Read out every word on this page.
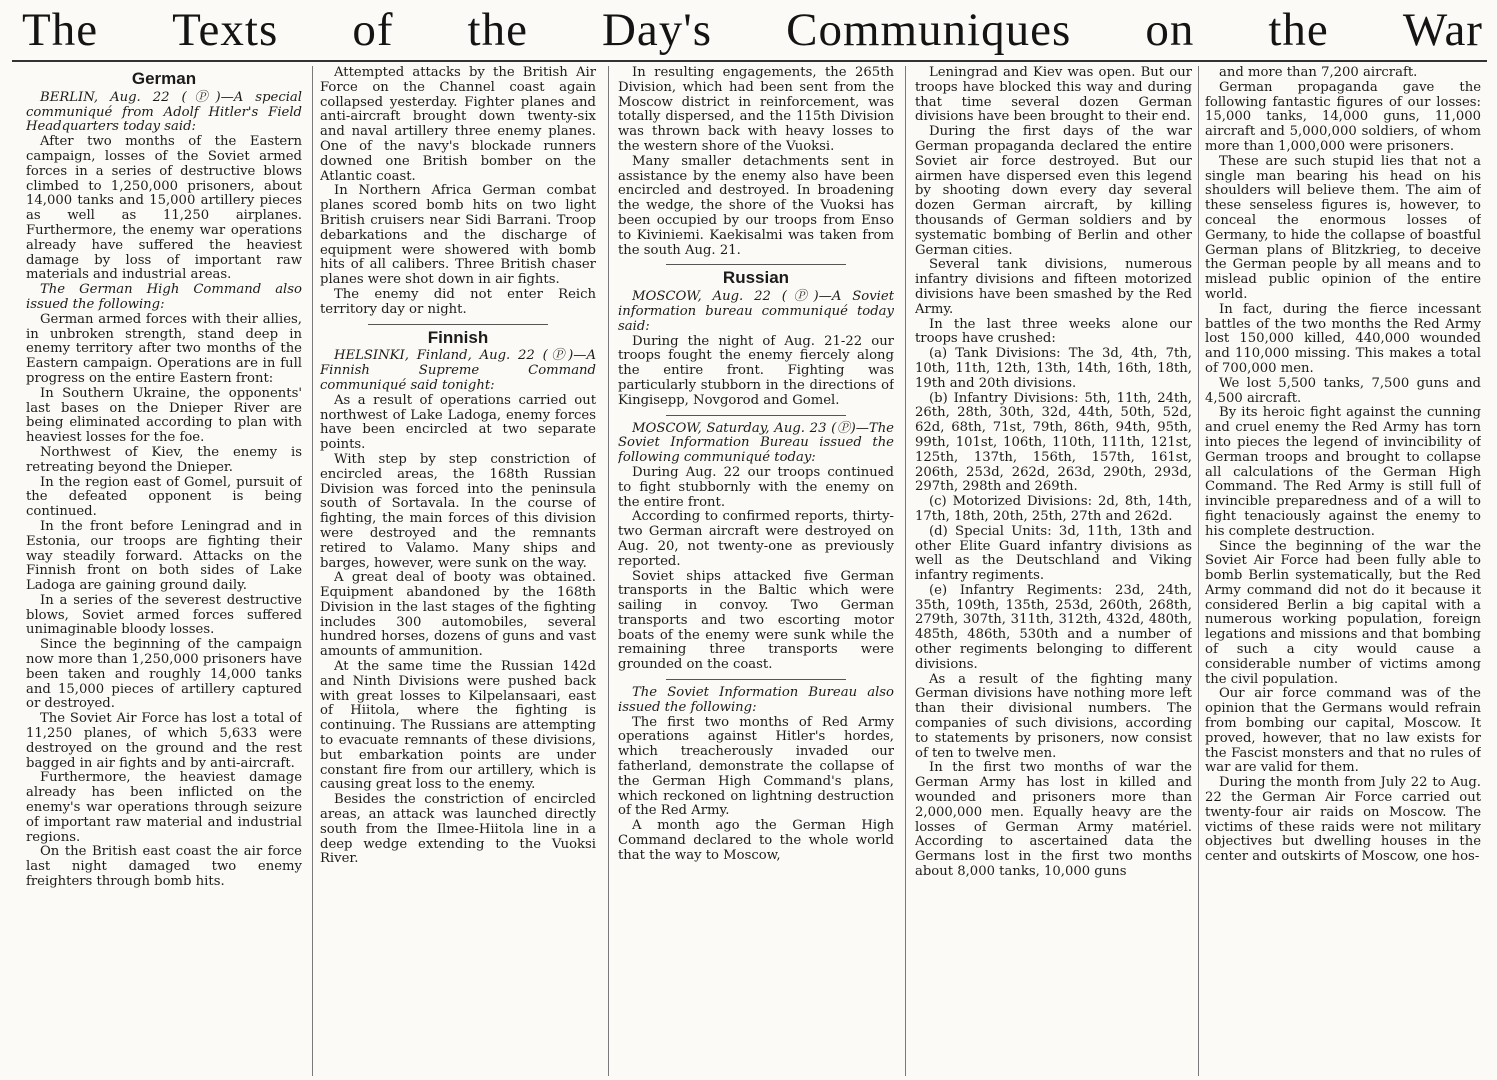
The Texts of the Day's Communiques on the War
German

BERLIN, Aug. 22 (Ⓟ)—A special communiqué from Adolf Hitler's Field Headquarters today said:

After two months of the Eastern campaign, losses of the Soviet armed forces in a series of destructive blows climbed to 1,250,000 prisoners, about 14,000 tanks and 15,000 artillery pieces as well as 11,250 airplanes. Furthermore, the enemy war operations already have suffered the heaviest damage by loss of important raw materials and industrial areas.

The German High Command also issued the following:

German armed forces with their allies, in unbroken strength, stand deep in enemy territory after two months of the Eastern campaign. Operations are in full progress on the entire Eastern front:

In Southern Ukraine, the opponents' last bases on the Dnieper River are being eliminated according to plan with heaviest losses for the foe.

Northwest of Kiev, the enemy is retreating beyond the Dnieper.

In the region east of Gomel, pursuit of the defeated opponent is being continued.

In the front before Leningrad and in Estonia, our troops are fighting their way steadily forward. Attacks on the Finnish front on both sides of Lake Ladoga are gaining ground daily.

In a series of the severest destructive blows, Soviet armed forces suffered unimaginable bloody losses.

Since the beginning of the campaign now more than 1,250,000 prisoners have been taken and roughly 14,000 tanks and 15,000 pieces of artillery captured or destroyed.

The Soviet Air Force has lost a total of 11,250 planes, of which 5,633 were destroyed on the ground and the rest bagged in air fights and by anti-aircraft.

Furthermore, the heaviest damage already has been inflicted on the enemy's war operations through seizure of important raw material and industrial regions.

On the British east coast the air force last night damaged two enemy freighters through bomb hits.

Attempted attacks by the British Air Force on the Channel coast again collapsed yesterday. Fighter planes and anti-aircraft brought down twenty-six and naval artillery three enemy planes. One of the navy's blockade runners downed one British bomber on the Atlantic coast.

In Northern Africa German combat planes scored bomb hits on two light British cruisers near Sidi Barrani. Troop debarkations and the discharge of equipment were showered with bomb hits of all calibers. Three British chaser planes were shot down in air fights.

The enemy did not enter Reich territory day or night.

Finnish

HELSINKI, Finland, Aug. 22 (Ⓟ)—A Finnish Supreme Command communiqué said tonight:

As a result of operations carried out northwest of Lake Ladoga, enemy forces have been encircled at two separate points.

With step by step constriction of encircled areas, the 168th Russian Division was forced into the peninsula south of Sortavala. In the course of fighting, the main forces of this division were destroyed and the remnants retired to Valamo. Many ships and barges, however, were sunk on the way.

A great deal of booty was obtained. Equipment abandoned by the 168th Division in the last stages of the fighting includes 300 automobiles, several hundred horses, dozens of guns and vast amounts of ammunition.

At the same time the Russian 142d and Ninth Divisions were pushed back with great losses to Kilpelansaari, east of Hiitola, where the fighting is continuing. The Russians are attempting to evacuate remnants of these divisions, but embarkation points are under constant fire from our artillery, which is causing great loss to the enemy.

Besides the constriction of encircled areas, an attack was launched directly south from the Ilmee-Hiitola line in a deep wedge extending to the Vuoksi River.

In resulting engagements, the 265th Division, which had been sent from the Moscow district in reinforcement, was totally dispersed, and the 115th Division was thrown back with heavy losses to the western shore of the Vuoksi.

Many smaller detachments sent in assistance by the enemy also have been encircled and destroyed. In broadening the wedge, the shore of the Vuoksi has been occupied by our troops from Enso to Kiviniemi. Kaekisalmi was taken from the south Aug. 21.

Russian

MOSCOW, Aug. 22 (Ⓟ)—A Soviet information bureau communiqué today said:

During the night of Aug. 21-22 our troops fought the enemy fiercely along the entire front. Fighting was particularly stubborn in the directions of Kingisepp, Novgorod and Gomel.

MOSCOW, Saturday, Aug. 23 (Ⓟ)—The Soviet Information Bureau issued the following communiqué today:

During Aug. 22 our troops continued to fight stubbornly with the enemy on the entire front.

According to confirmed reports, thirty-two German aircraft were destroyed on Aug. 20, not twenty-one as previously reported.

Soviet ships attacked five German transports in the Baltic which were sailing in convoy. Two German transports and two escorting motor boats of the enemy were sunk while the remaining three transports were grounded on the coast.

The Soviet Information Bureau also issued the following:

The first two months of Red Army operations against Hitler's hordes, which treacherously invaded our fatherland, demonstrate the collapse of the German High Command's plans, which reckoned on lightning destruction of the Red Army.

A month ago the German High Command declared to the whole world that the way to Moscow,

Leningrad and Kiev was open. But our troops have blocked this way and during that time several dozen German divisions have been brought to their end.

During the first days of the war German propaganda declared the entire Soviet air force destroyed. But our airmen have dispersed even this legend by shooting down every day several dozen German aircraft, by killing thousands of German soldiers and by systematic bombing of Berlin and other German cities.

Several tank divisions, numerous infantry divisions and fifteen motorized divisions have been smashed by the Red Army.

In the last three weeks alone our troops have crushed:

(a) Tank Divisions: The 3d, 4th, 7th, 10th, 11th, 12th, 13th, 14th, 16th, 18th, 19th and 20th divisions.

(b) Infantry Divisions: 5th, 11th, 24th, 26th, 28th, 30th, 32d, 44th, 50th, 52d, 62d, 68th, 71st, 79th, 86th, 94th, 95th, 99th, 101st, 106th, 110th, 111th, 121st, 125th, 137th, 156th, 157th, 161st, 206th, 253d, 262d, 263d, 290th, 293d, 297th, 298th and 269th.

(c) Motorized Divisions: 2d, 8th, 14th, 17th, 18th, 20th, 25th, 27th and 262d.

(d) Special Units: 3d, 11th, 13th and other Elite Guard infantry divisions as well as the Deutschland and Viking infantry regiments.

(e) Infantry Regiments: 23d, 24th, 35th, 109th, 135th, 253d, 260th, 268th, 279th, 307th, 311th, 312th, 432d, 480th, 485th, 486th, 530th and a number of other regiments belonging to different divisions.

As a result of the fighting many German divisions have nothing more left than their divisional numbers. The companies of such divisions, according to statements by prisoners, now consist of ten to twelve men.

In the first two months of war the German Army has lost in killed and wounded and prisoners more than 2,000,000 men. Equally heavy are the losses of German Army matériel. According to ascertained data the Germans lost in the first two months about 8,000 tanks, 10,000 guns

and more than 7,200 aircraft.

German propaganda gave the following fantastic figures of our losses: 15,000 tanks, 14,000 guns, 11,000 aircraft and 5,000,000 soldiers, of whom more than 1,000,000 were prisoners.

These are such stupid lies that not a single man bearing his head on his shoulders will believe them. The aim of these senseless figures is, however, to conceal the enormous losses of Germany, to hide the collapse of boastful German plans of Blitzkrieg, to deceive the German people by all means and to mislead public opinion of the entire world.

In fact, during the fierce incessant battles of the two months the Red Army lost 150,000 killed, 440,000 wounded and 110,000 missing. This makes a total of 700,000 men.

We lost 5,500 tanks, 7,500 guns and 4,500 aircraft.

By its heroic fight against the cunning and cruel enemy the Red Army has torn into pieces the legend of invincibility of German troops and brought to collapse all calculations of the German High Command. The Red Army is still full of invincible preparedness and of a will to fight tenaciously against the enemy to his complete destruction.

Since the beginning of the war the Soviet Air Force had been fully able to bomb Berlin systematically, but the Red Army command did not do it because it considered Berlin a big capital with a numerous working population, foreign legations and missions and that bombing of such a city would cause a considerable number of victims among the civil population.

Our air force command was of the opinion that the Germans would refrain from bombing our capital, Moscow. It proved, however, that no law exists for the Fascist monsters and that no rules of war are valid for them.

During the month from July 22 to Aug. 22 the German Air Force carried out twenty-four air raids on Moscow. The victims of these raids were not military objectives but dwelling houses in the center and outskirts of Moscow, one hos-
